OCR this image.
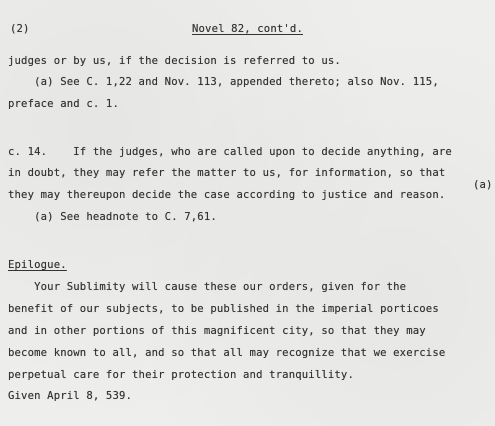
(2)	Novel 82, cont'd.
judges or by us, if the decision is referred to us.
(a) See C. 1,22 and Nov. 113, appended thereto; also Nov. 115,
preface and c. 1.
c. 14.    If the judges, who are called upon to decide anything, are
in doubt, they may refer the matter to us, for information, so that
they may thereupon decide the case according to justice and reason.
(a)
(a) See headnote to C. 7,61.
Epilogue.
Your Sublimity will cause these our orders, given for the
benefit of our subjects, to be published in the imperial porticoes
and in other portions of this magnificent city, so that they may
become known to all, and so that all may recognize that we exercise
perpetual care for their protection and tranquillity.
Given April 8, 539.
